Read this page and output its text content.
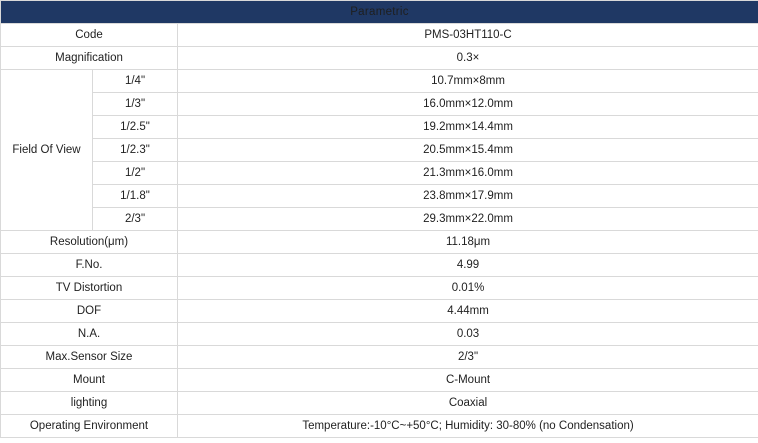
Parametric		
Code		PMS-03HT110-C
Magnification		0.3×
Field Of View	1/4"	10.7mm×8mm
	1/3"	16.0mm×12.0mm
	1/2.5"	19.2mm×14.4mm
	1/2.3"	20.5mm×15.4mm
	1/2"	21.3mm×16.0mm
	1/1.8"	23.8mm×17.9mm
	2/3"	29.3mm×22.0mm
Resolution(μm)		11.18μm
F.No.		4.99
TV Distortion		0.01%
DOF		4.44mm
N.A.		0.03
Max.Sensor Size		2/3"
Mount		C-Mount
lighting		Coaxial
Operating Environment		Temperature:-10°C~+50°C; Humidity: 30-80% (no Condensation)
